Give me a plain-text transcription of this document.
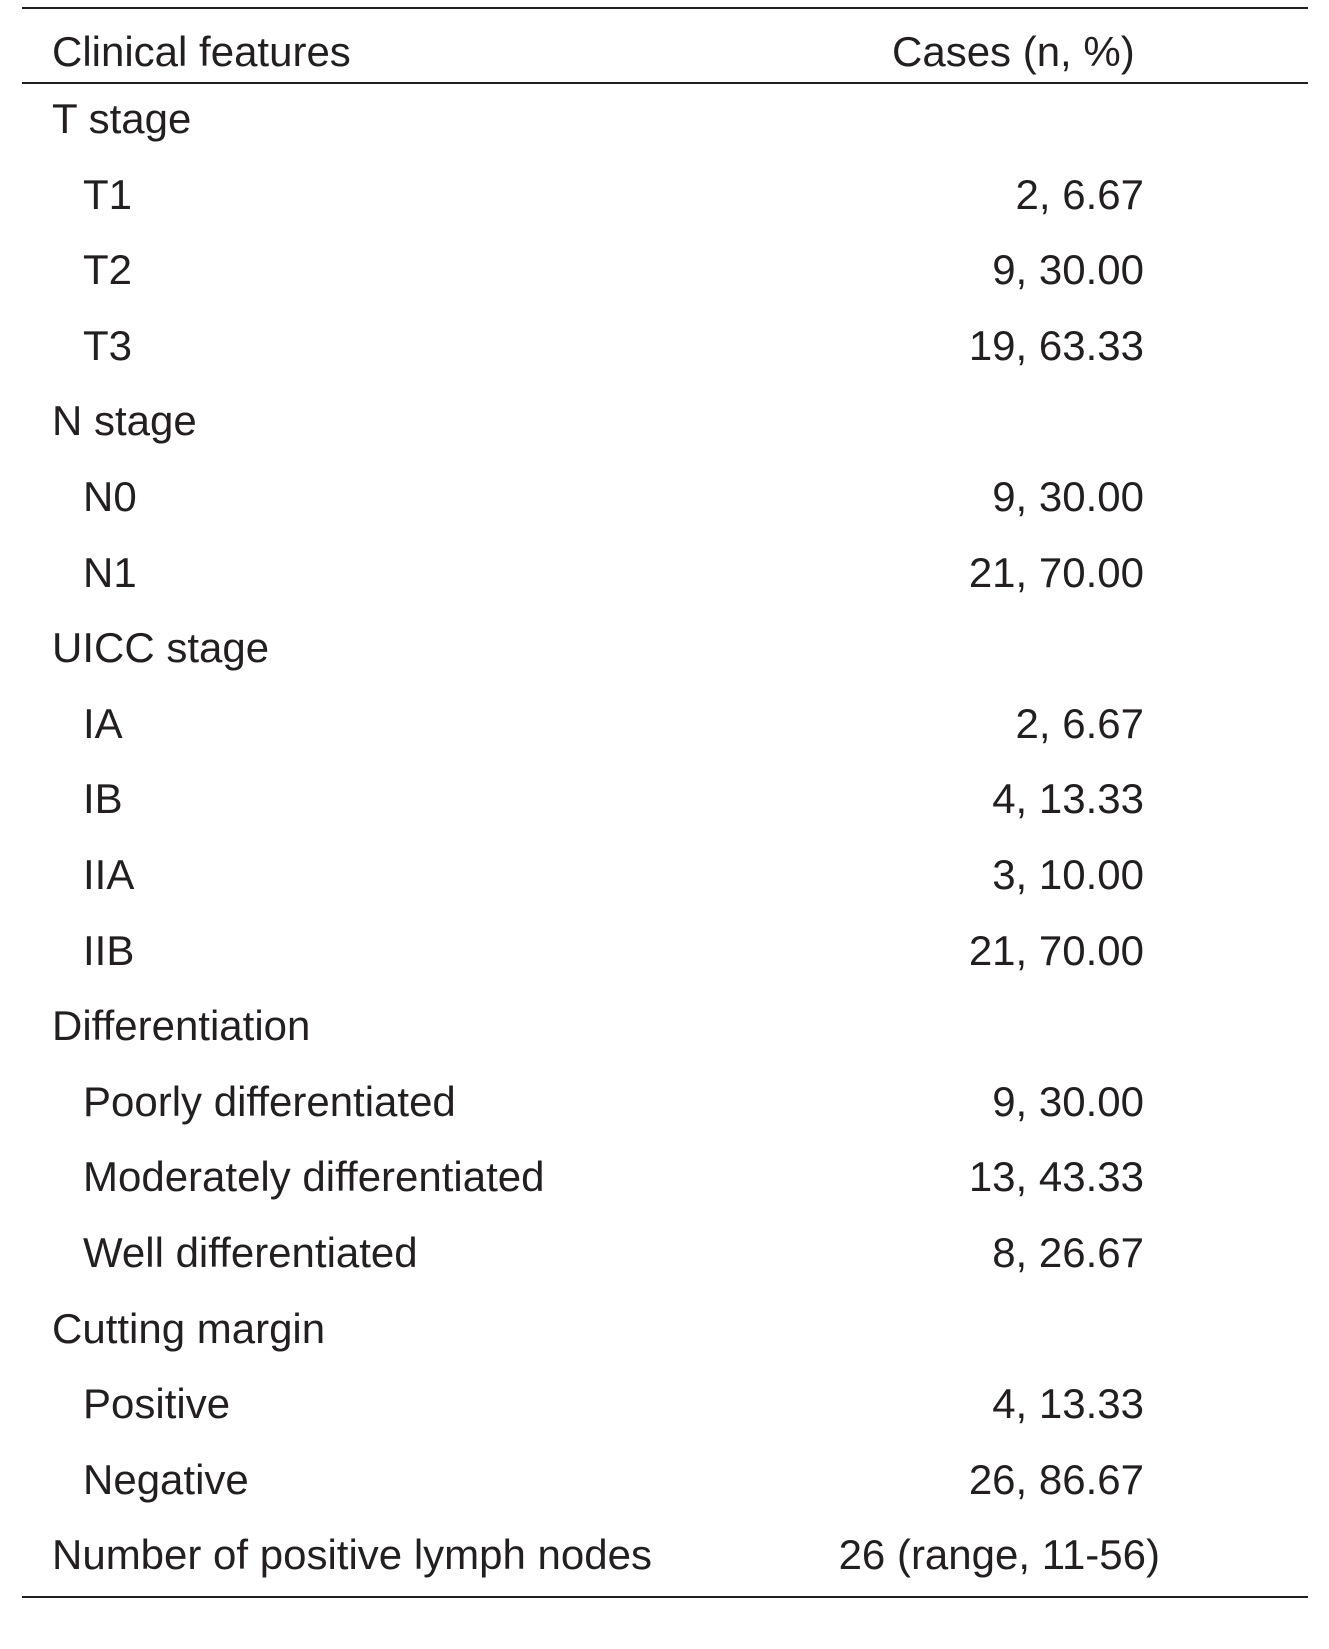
Clinical features	Cases (n, %)
T stage
T1	2, 6.67
T2	9, 30.00
T3	19, 63.33
N stage
N0	9, 30.00
N1	21, 70.00
UICC stage
IA	2, 6.67
IB	4, 13.33
IIA	3, 10.00
IIB	21, 70.00
Differentiation
Poorly differentiated	9, 30.00
Moderately differentiated	13, 43.33
Well differentiated	8, 26.67
Cutting margin
Positive	4, 13.33
Negative	26, 86.67
Number of positive lymph nodes	26 (range, 11-56)
